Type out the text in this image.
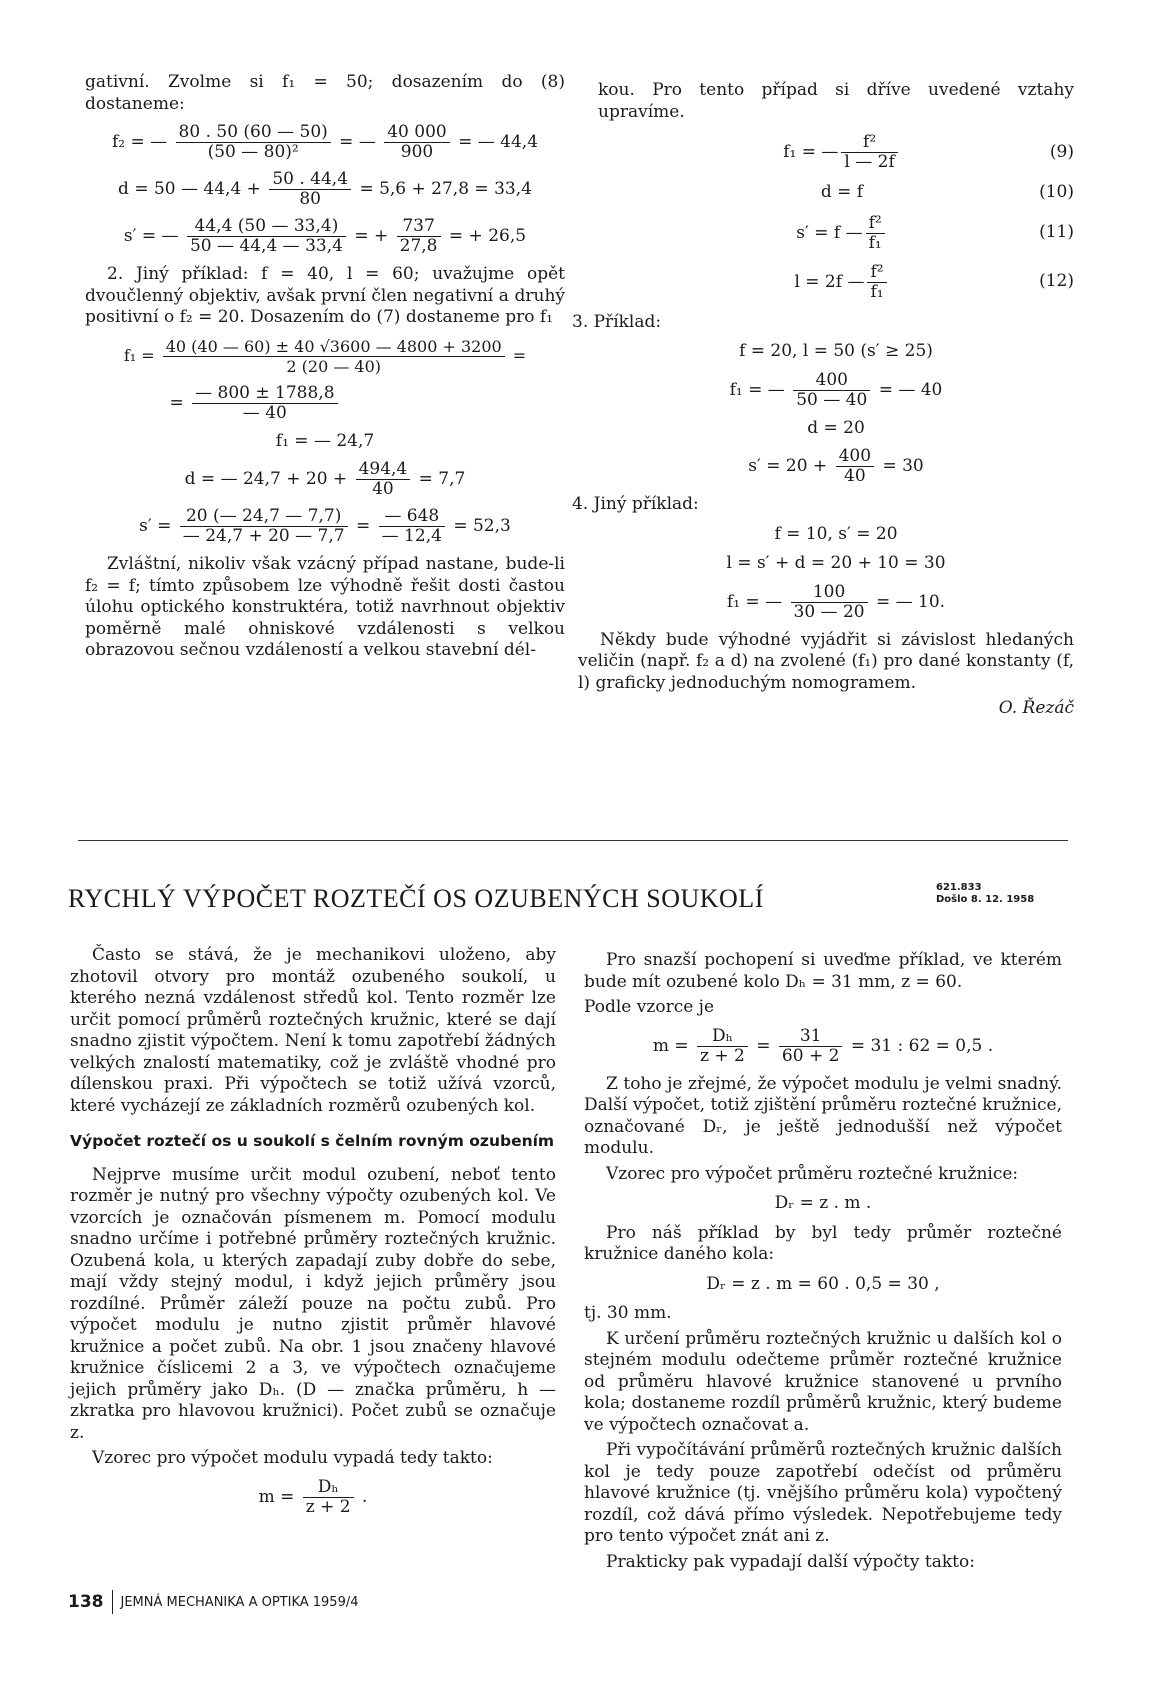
gativní. Zvolme si f₁ = 50; dosazením do (8) dostaneme:

f₂ = — $\frac{80 . 50 (60 — 50)}{\text{(50 — 80)²}}$ = — $\frac{40 000}{900}$ = — 44,4
d = 50 — $44,4 + \frac{50 . 44,4}{80} = 5,6 + 27,8 = 33,4$
s′ = — $\frac{44,4 (50 — 33,4)}{50 — 44,4 — 33,4}$ = + $\frac{737}{27,8}$ = + 26,5

2. Jiný příklad: f = 40, l = 60; uvažujme opět dvoučlenný objektiv, avšak první člen negativní a druhý positivní o f₂ = 20. Dosazením do (7) dostaneme pro f₁

$f_1 = \frac{40 (40 — 60) \pm 40 √3600 — 4800 + 3200}{2 (20 — 40)}$ =
= $\frac{— 800 \pm 1788,8}{— 40}$
f₁ = — 24,7
d = — $24,7 + 20 + \frac{494,4}{40} = 7,7$
$s' = \frac{20 (— 24,7 — 7,7)}{— 24,7 + 20 — 7,7} = \frac{— 648}{— 12,4} = 52,3$

Zvláštní, nikoliv však vzácný případ nastane, bude-li f₂ = f; tímto způsobem lze výhodně řešit dosti častou úlohu optického konstruktéra, totiž navrhnout objektiv poměrně malé ohniskové vzdálenosti s velkou obrazovou sečnou vzdáleností a velkou stavební dél-

kou. Pro tento případ si dříve uvedené vztahy upravíme.

f₁ = — $\frac{\text{f²}}{l — 2f}$	(9)
d = f	(10)
s′ = f — $\frac{\text{f²}}{\text{f₁}}$	(11)
l = 2f — $\frac{\text{f²}}{\text{f₁}}$	(12)

3. Příklad:

f = 20, l = 50 (s′ ≥ 25)
f₁ = — $\frac{400}{50 — 40}$ = — 40
d = 20
$s' = 20 + \frac{400}{40} = 30$

4. Jiný příklad:

f = 10, s′ = 20
l = s′ + d = 20 + 10 = 30
f₁ = — $\frac{100}{30 — 20}$ = — 10.

Někdy bude výhodné vyjádřit si závislost hledaných veličin (např. f₂ a d) na zvolené (f₁) pro dané konstanty (f, l) graficky jednoduchým nomogramem.

O. Řezáč
RYCHLÝ VÝPOČET ROZTEČÍ OS OZUBENÝCH SOUKOLÍ	621.833
Došlo 8. 12. 1958

Často se stává, že je mechanikovi uloženo, aby zhotovil otvory pro montáž ozubeného soukolí, u kterého nezná vzdálenost středů kol. Tento rozměr lze určit pomocí průměrů roztečných kružnic, které se dají snadno zjistit výpočtem. Není k tomu zapotřebí žádných velkých znalostí matematiky, což je zvláště vhodné pro dílenskou praxi. Při výpočtech se totiž užívá vzorců, které vycházejí ze základních rozměrů ozubených kol.

Výpočet roztečí os u soukolí s čelním rovným ozubením

Nejprve musíme určit modul ozubení, neboť tento rozměr je nutný pro všechny výpočty ozubených kol. Ve vzorcích je označován písmenem m. Pomocí modulu snadno určíme i potřebné průměry roztečných kružnic. Ozubená kola, u kterých zapadají zuby dobře do sebe, mají vždy stejný modul, i když jejich průměry jsou rozdílné. Průměr záleží pouze na počtu zubů. Pro výpočet modulu je nutno zjistit průměr hlavové kružnice a počet zubů. Na obr. 1 jsou značeny hlavové kružnice číslicemi 2 a 3, ve výpočtech označujeme jejich průměry jako Dₕ. (D — značka průměru, h — zkratka pro hlavovou kružnici). Počet zubů se označuje z.

Vzorec pro výpočet modulu vypadá tedy takto:

$m = \frac{\text{Dₕ}}{z + 2}$ .

Pro snazší pochopení si uveďme příklad, ve kterém bude mít ozubené kolo Dₕ = 31 mm, z = 60.

Podle vzorce je

$m = \frac{\text{Dₕ}}{z + 2} = \frac{31}{60 + 2} = 31$ : 62 = 0,5 .

Z toho je zřejmé, že výpočet modulu je velmi snadný. Další výpočet, totiž zjištění průměru roztečné kružnice, označované Dᵣ, je ještě jednodušší než výpočet modulu.

Vzorec pro výpočet průměru roztečné kružnice:

Dᵣ = z . m .

Pro náš příklad by byl tedy průměr roztečné kružnice daného kola:

Dᵣ = z . m = 60 . 0,5 = 30 ,

tj. 30 mm.

K určení průměru roztečných kružnic u dalších kol o stejném modulu odečteme průměr roztečné kružnice od průměru hlavové kružnice stanovené u prvního kola; dostaneme rozdíl průměrů kružnic, který budeme ve výpočtech označovat a.

Při vypočítávání průměrů roztečných kružnic dalších kol je tedy pouze zapotřebí odečíst od průměru hlavové kružnice (tj. vnějšího průměru kola) vypočtený rozdíl, což dává přímo výsledek. Nepotřebujeme tedy pro tento výpočet znát ani z.

Prakticky pak vypadají další výpočty takto:

138 JEMNÁ MECHANIKA A OPTIKA 1959/4
